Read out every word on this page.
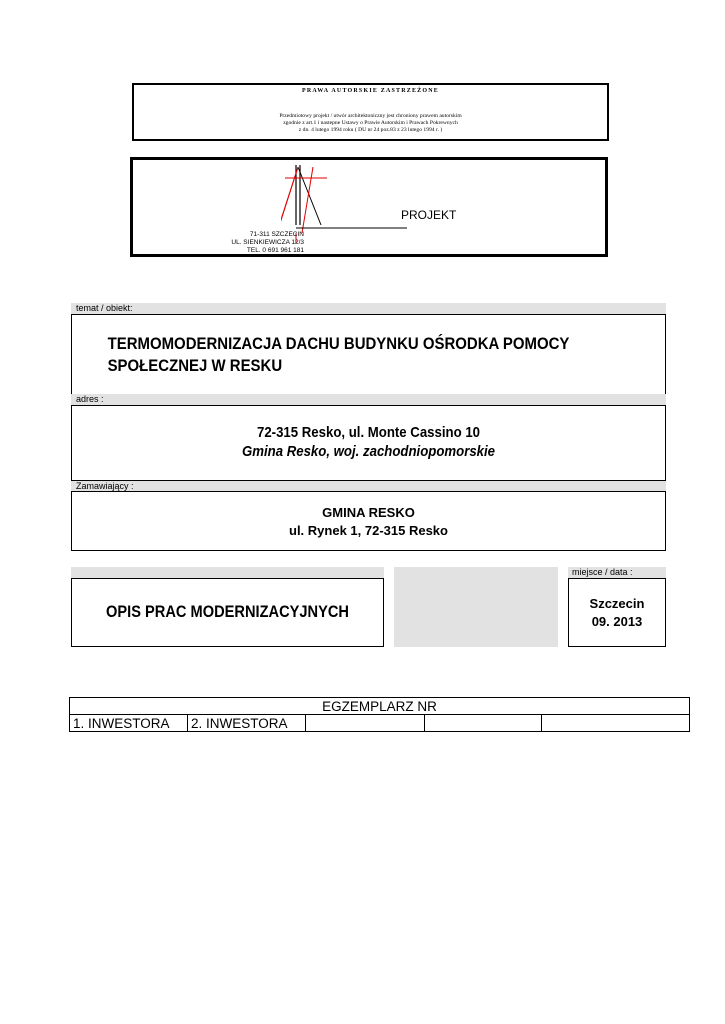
PRAWA AUTORSKIE ZASTRZEŻONE
Przedmiotowy projekt / utwór architektoniczny jest chroniony prawem autorskim
zgodnie z art.1 i nastepne Ustawy o Prawie Autorskim i Prawach Pokrewnych
z dn. 4 lutego 1994 roku ( DU nr 24 poz.83 z 23 lutego 1994 r. )
PROJEKT
71-311 SZCZECIN
UL. SIENKIEWICZA 12/3
TEL. 0 691 961 181
temat / obiekt:
TERMOMODERNIZACJA DACHU BUDYNKU OŚRODKA POMOCY
SPOŁECZNEJ W RESKU
adres :
72-315 Resko, ul. Monte Cassino 10
Gmina Resko, woj. zachodniopomorskie
Zamawiający :
GMINA RESKO
ul. Rynek 1, 72-315 Resko
OPIS PRAC MODERNIZACYJNYCH
miejsce / data :
Szczecin
09. 2013
EGZEMPLARZ NR
1. INWESTORA	2. INWESTORA			
